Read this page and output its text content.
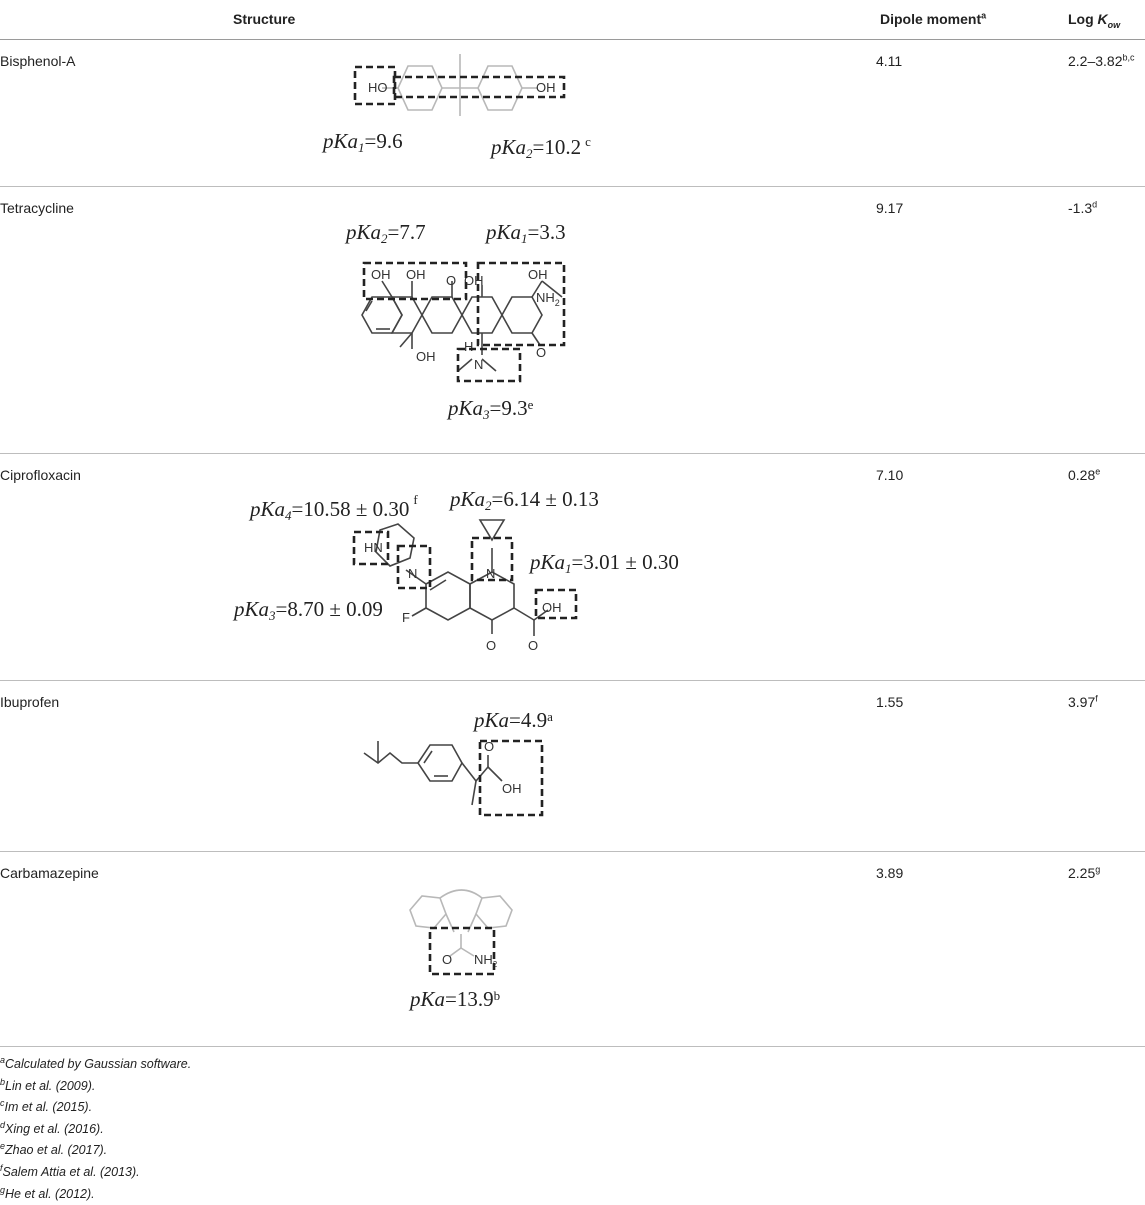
Structure	Dipole moment$^a$	Log $K_{ow}$
Bisphenol-A	4.11	2.2–3.82$^{b,c}$
HO	OH
pKa1=9.6	pKa2=10.2 $^c$
Tetracycline	9.17	-1.3$^d$
pKa2=7.7	pKa1=3.3
OH OH O OH	OH
$NH_2$
O
OH
H
N
pKa3=9.3$^e$
Ciprofloxacin	7.10	0.28e
pKa4=10.58 ± 0.30 $^f$ pKa2=6.14 ± 0.13
pKa1=3.01 ± 0.30
pKa3=8.70 ± 0.09
HN
N	N
F
O O
OH
Ibuprofen	1.55	3.97$^f$
pKa=4.9$^a$
O
OH
Carbamazepine	3.89	2.25$^g$
O $NH_2$
pKa=13.9$^b$
$^a$Calculated by Gaussian software.
$^b$Lin et al. (2009).
$^c$Im et al. (2015).
$^d$Xing et al. (2016).
$^e$Zhao et al. (2017).
$^f$Salem Attia et al. (2013).
$^g$He et al. (2012).
